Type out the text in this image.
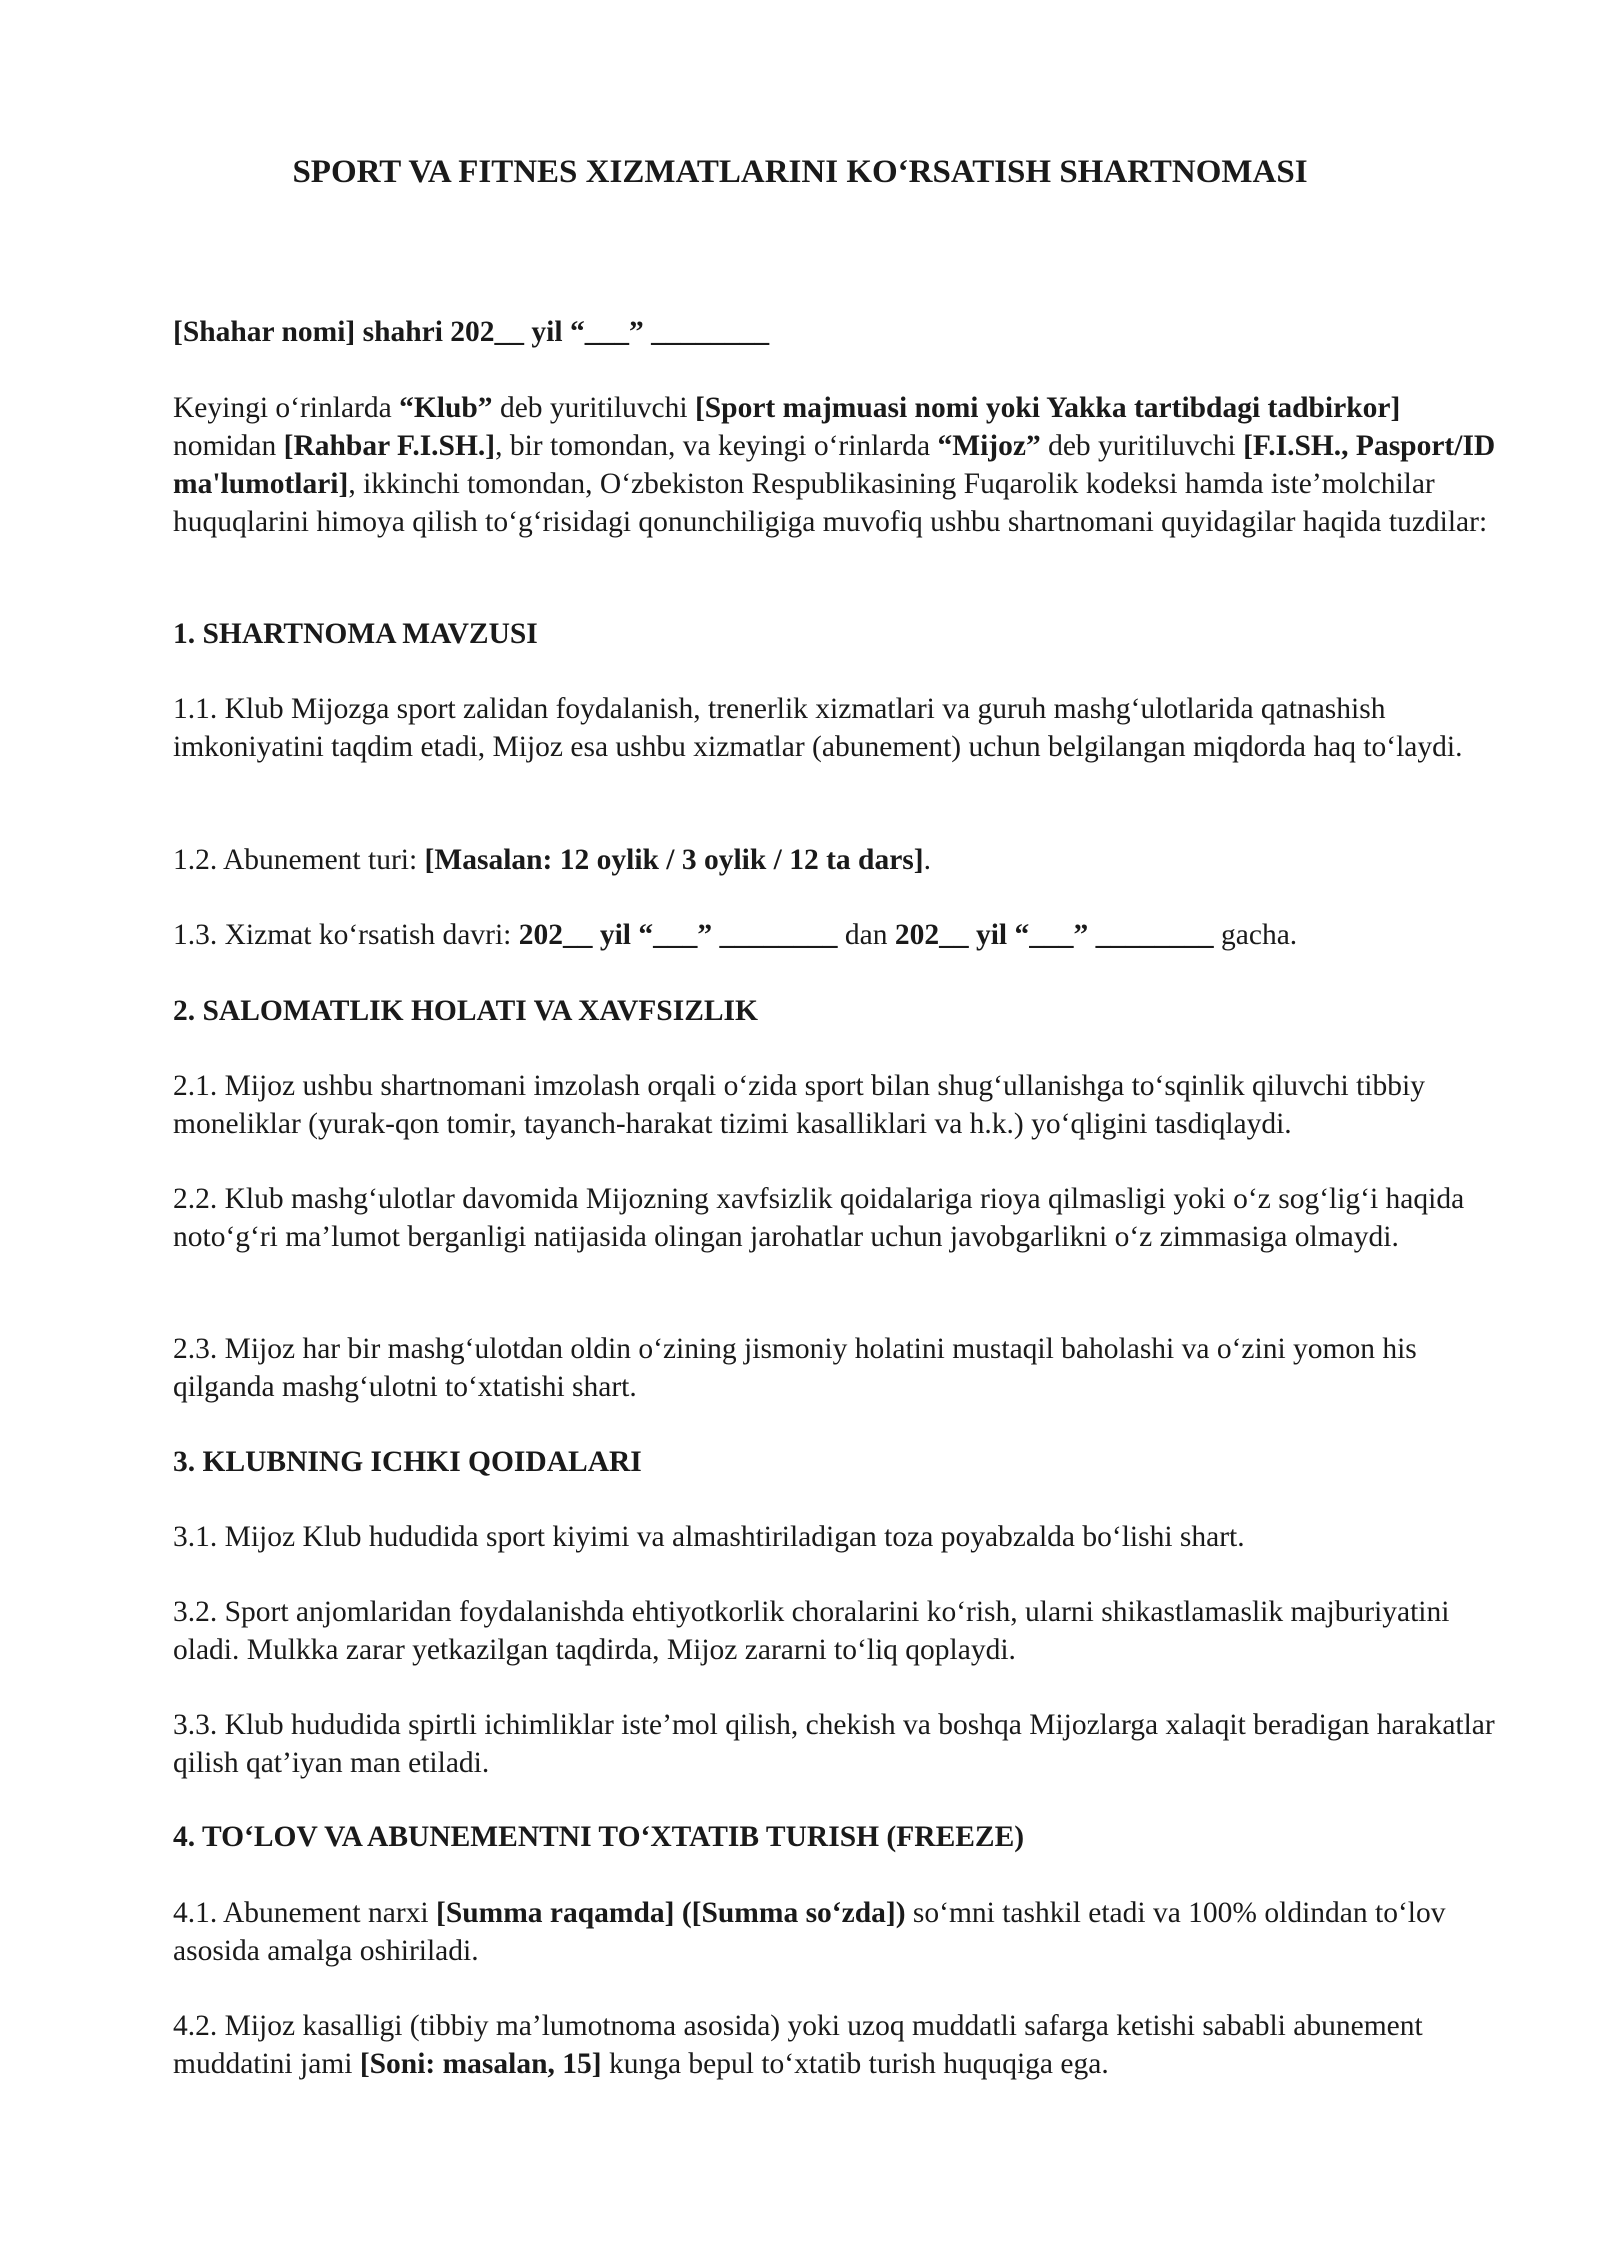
SPORT VA FITNES XIZMATLARINI KO‘RSATISH SHARTNOMASI

[Shahar nomi] shahri 202__ yil “___” ________

Keyingi o‘rinlarda “Klub” deb yuritiluvchi [Sport majmuasi nomi yoki Yakka tartibdagi tadbirkor] nomidan [Rahbar F.I.SH.], bir tomondan, va keyingi o‘rinlarda “Mijoz” deb yuritiluvchi [F.I.SH., Pasport/ID ma'lumotlari], ikkinchi tomondan, O‘zbekiston Respublikasining Fuqarolik kodeksi hamda iste’molchilar huquqlarini himoya qilish to‘g‘risidagi qonunchiligiga muvofiq ushbu shartnomani quyidagilar haqida tuzdilar:

1. SHARTNOMA MAVZUSI

1.1. Klub Mijozga sport zalidan foydalanish, trenerlik xizmatlari va guruh mashg‘ulotlarida qatnashish imkoniyatini taqdim etadi, Mijoz esa ushbu xizmatlar (abunement) uchun belgilangan miqdorda haq to‘laydi.

1.2. Abunement turi: [Masalan: 12 oylik / 3 oylik / 12 ta dars].

1.3. Xizmat ko‘rsatish davri: 202__ yil “___” ________ dan 202__ yil “___” ________ gacha.

2. SALOMATLIK HOLATI VA XAVFSIZLIK

2.1. Mijoz ushbu shartnomani imzolash orqali o‘zida sport bilan shug‘ullanishga to‘sqinlik qiluvchi tibbiy moneliklar (yurak-qon tomir, tayanch-harakat tizimi kasalliklari va h.k.) yo‘qligini tasdiqlaydi.

2.2. Klub mashg‘ulotlar davomida Mijozning xavfsizlik qoidalariga rioya qilmasligi yoki o‘z sog‘lig‘i haqida noto‘g‘ri ma’lumot berganligi natijasida olingan jarohatlar uchun javobgarlikni o‘z zimmasiga olmaydi.

2.3. Mijoz har bir mashg‘ulotdan oldin o‘zining jismoniy holatini mustaqil baholashi va o‘zini yomon his qilganda mashg‘ulotni to‘xtatishi shart.

3. KLUBNING ICHKI QOIDALARI

3.1. Mijoz Klub hududida sport kiyimi va almashtiriladigan toza poyabzalda bo‘lishi shart.

3.2. Sport anjomlaridan foydalanishda ehtiyotkorlik choralarini ko‘rish, ularni shikastlamaslik majburiyatini oladi. Mulkka zarar yetkazilgan taqdirda, Mijoz zararni to‘liq qoplaydi.

3.3. Klub hududida spirtli ichimliklar iste’mol qilish, chekish va boshqa Mijozlarga xalaqit beradigan harakatlar qilish qat’iyan man etiladi.

4. TO‘LOV VA ABUNEMENTNI TO‘XTATIB TURISH (FREEZE)

4.1. Abunement narxi [Summa raqamda] ([Summa so‘zda]) so‘mni tashkil etadi va 100% oldindan to‘lov asosida amalga oshiriladi.

4.2. Mijoz kasalligi (tibbiy ma’lumotnoma asosida) yoki uzoq muddatli safarga ketishi sababli abunement muddatini jami [Soni: masalan, 15] kunga bepul to‘xtatib turish huquqiga ega.
